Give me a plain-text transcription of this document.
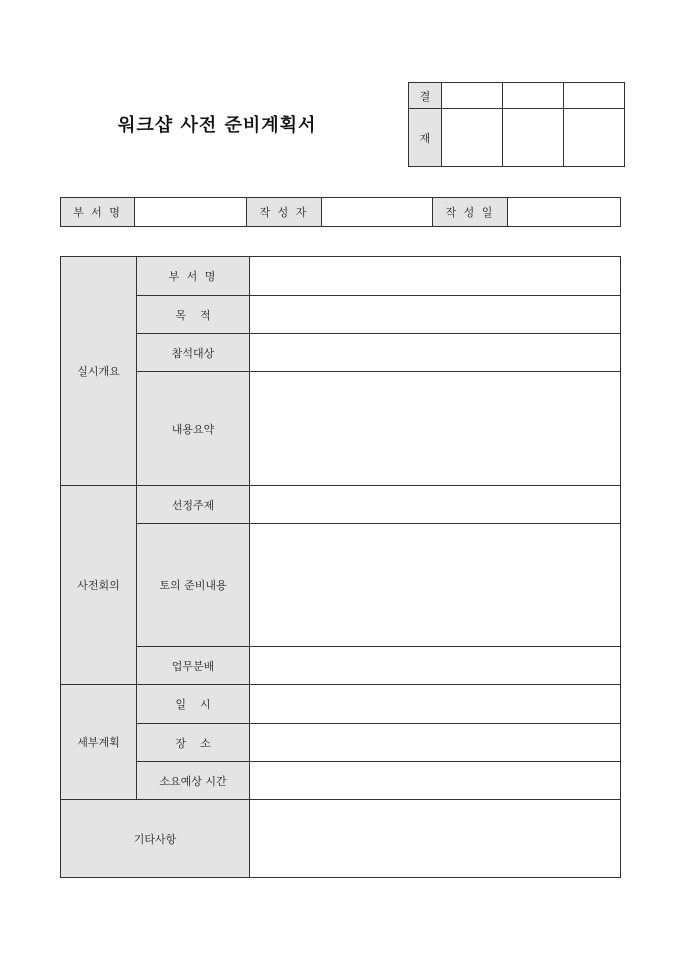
워크샵 사전 준비계획서
결			
재			
부 서 명		작 성 자		작 성 일	
실시개요	부 서 명	
	목    적	
	참석대상	
	내용요약	
사전회의	선정주제	
	토의 준비내용	
	업무분배	
세부계획	일    시	
	장    소	
	소요예상 시간	
기타사항		
